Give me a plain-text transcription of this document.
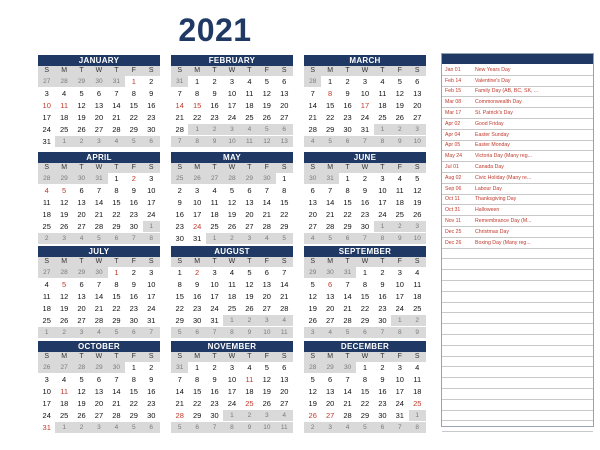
2021
JANUARY
S	M	T	W	T	F	S
27	28	29	30	31	1	2
3	4	5	6	7	8	9
10	11	12	13	14	15	16
17	18	19	20	21	22	23
24	25	26	27	28	29	30
31	1	2	3	4	5	6
FEBRUARY
S	M	T	W	T	F	S
31	1	2	3	4	5	6
7	8	9	10	11	12	13
14	15	16	17	18	19	20
21	22	23	24	25	26	27
28	1	2	3	4	5	6
7	8	9	10	11	12	13
MARCH
S	M	T	W	T	F	S
28	1	2	3	4	5	6
7	8	9	10	11	12	13
14	15	16	17	18	19	20
21	22	23	24	25	26	27
28	29	30	31	1	2	3
4	5	6	7	8	9	10
APRIL
S	M	T	W	T	F	S
28	29	30	31	1	2	3
4	5	6	7	8	9	10
11	12	13	14	15	16	17
18	19	20	21	22	23	24
25	26	27	28	29	30	1
2	3	4	5	6	7	8
MAY
S	M	T	W	T	F	S
25	26	27	28	29	30	1
2	3	4	5	6	7	8
9	10	11	12	13	14	15
16	17	18	19	20	21	22
23	24	25	26	27	28	29
30	31	1	2	3	4	5
JUNE
S	M	T	W	T	F	S
30	31	1	2	3	4	5
6	7	8	9	10	11	12
13	14	15	16	17	18	19
20	21	22	23	24	25	26
27	28	29	30	1	2	3
4	5	6	7	8	9	10
JULY
S	M	T	W	T	F	S
27	28	29	30	1	2	3
4	5	6	7	8	9	10
11	12	13	14	15	16	17
18	19	20	21	22	23	24
25	26	27	28	29	30	31
1	2	3	4	5	6	7
AUGUST
S	M	T	W	T	F	S
1	2	3	4	5	6	7
8	9	10	11	12	13	14
15	16	17	18	19	20	21
22	23	24	25	26	27	28
29	30	31	1	2	3	4
5	6	7	8	9	10	11
SEPTEMBER
S	M	T	W	T	F	S
29	30	31	1	2	3	4
5	6	7	8	9	10	11
12	13	14	15	16	17	18
19	20	21	22	23	24	25
26	27	28	29	30	1	2
3	4	5	6	7	8	9
OCTOBER
S	M	T	W	T	F	S
26	27	28	29	30	1	2
3	4	5	6	7	8	9
10	11	12	13	14	15	16
17	18	19	20	21	22	23
24	25	26	27	28	29	30
31	1	2	3	4	5	6
NOVEMBER
S	M	T	W	T	F	S
31	1	2	3	4	5	6
7	8	9	10	11	12	13
14	15	16	17	18	19	20
21	22	23	24	25	26	27
28	29	30	1	2	3	4
5	6	7	8	9	10	11
DECEMBER
S	M	T	W	T	F	S
28	29	30	1	2	3	4
5	6	7	8	9	10	11
12	13	14	15	16	17	18
19	20	21	22	23	24	25
26	27	28	29	30	31	1
2	3	4	5	6	7	8
Jan 01	New Years Day
Feb 14	Valentine's Day
Feb 15	Family Day (AB, BC, SK, ...
Mar 08	Commonwealth Day
Mar 17	St. Patrick's Day
Apr 02	Good Friday
Apr 04	Easter Sunday
Apr 05	Easter Monday
May 24	Victoria Day (Many reg...
Jul 01	Canada Day
Aug 02	Civic Holiday (Many re...
Sep 06	Labour Day
Oct 11	Thanksgiving Day
Oct 31	Halloween
Nov 11	Remembrance Day (M...
Dec 25	Christmas Day
Dec 26	Boxing Day (Many reg...
